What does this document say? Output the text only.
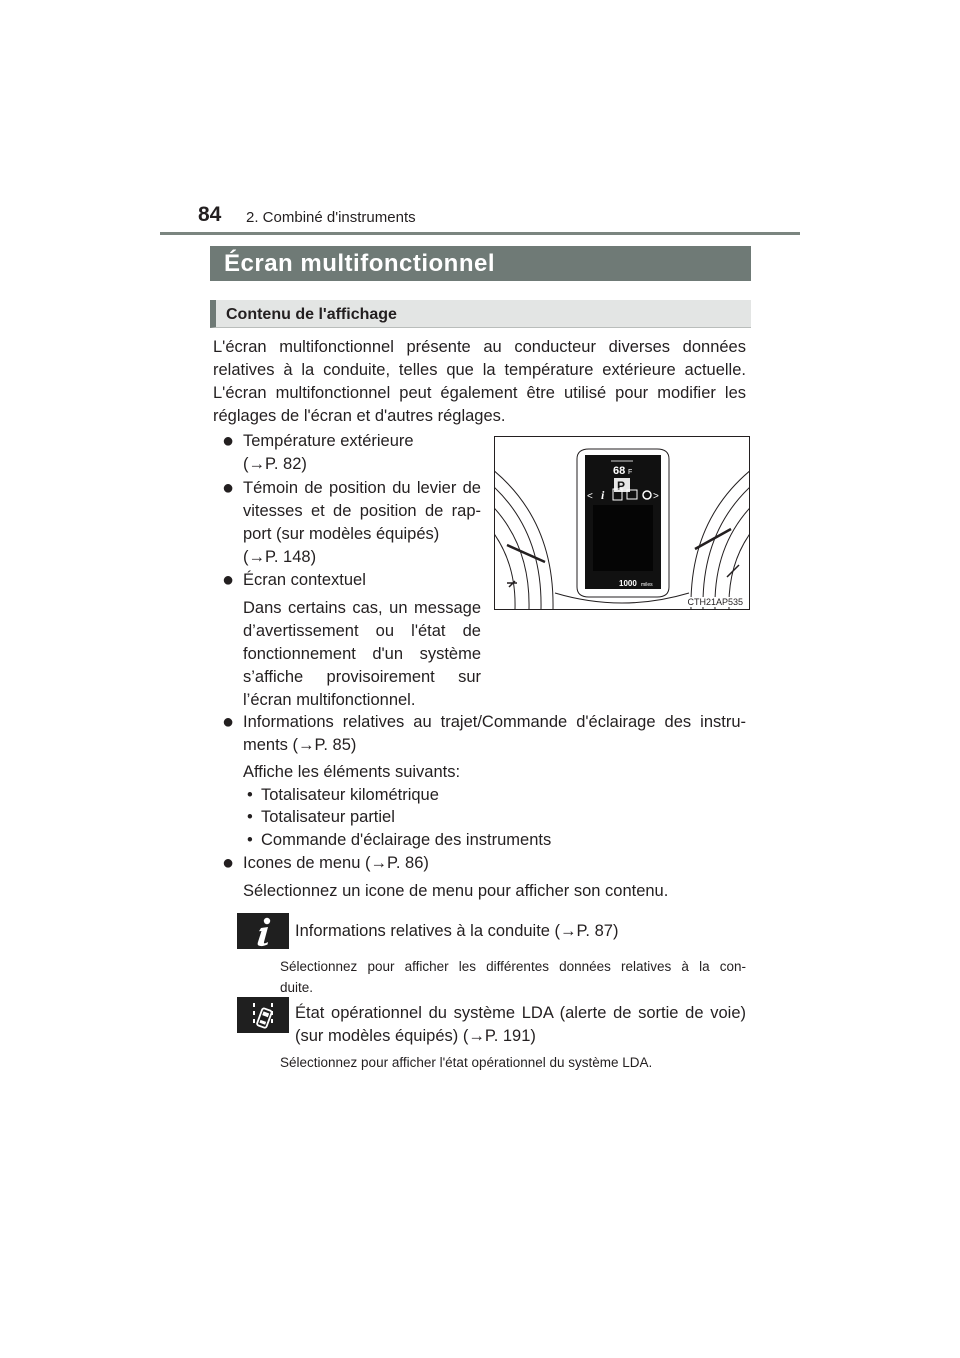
84 2. Combiné d'instruments
Écran multifonctionnel
Contenu de l'affichage
L'écran multifonctionnel présente au conducteur diverses données
relatives à la conduite, telles que la température extérieure actuelle.
L'écran multifonctionnel peut également être utilisé pour modifier les
réglages de l'écran et d'autres réglages.
● Température extérieure
(→P. 82)
● Témoin de position du levier de
vitesses et de position de rap-
port (sur modèles équipés)
(→P. 148)
● Écran contextuel
Dans certains cas, un message
d’avertissement ou l'état de
fonctionnement d'un système
s’affiche provisoirement sur
l’écran multifonctionnel.
68 F
P
<	>
i
1000 miles
CTH21AP535
● Informations relatives au trajet/Commande d'éclairage des instru-
ments (→P. 85)
Affiche les éléments suivants:
• Totalisateur kilométrique
• Totalisateur partiel
• Commande d'éclairage des instruments
● Icones de menu (→P. 86)
Sélectionnez un icone de menu pour afficher son contenu.
Informations relatives à la conduite (→P. 87)
Sélectionnez pour afficher les différentes données relatives à la con-
duite.
État opérationnel du système LDA (alerte de sortie de voie)
(sur modèles équipés) (→P. 191)
Sélectionnez pour afficher l'état opérationnel du système LDA.
